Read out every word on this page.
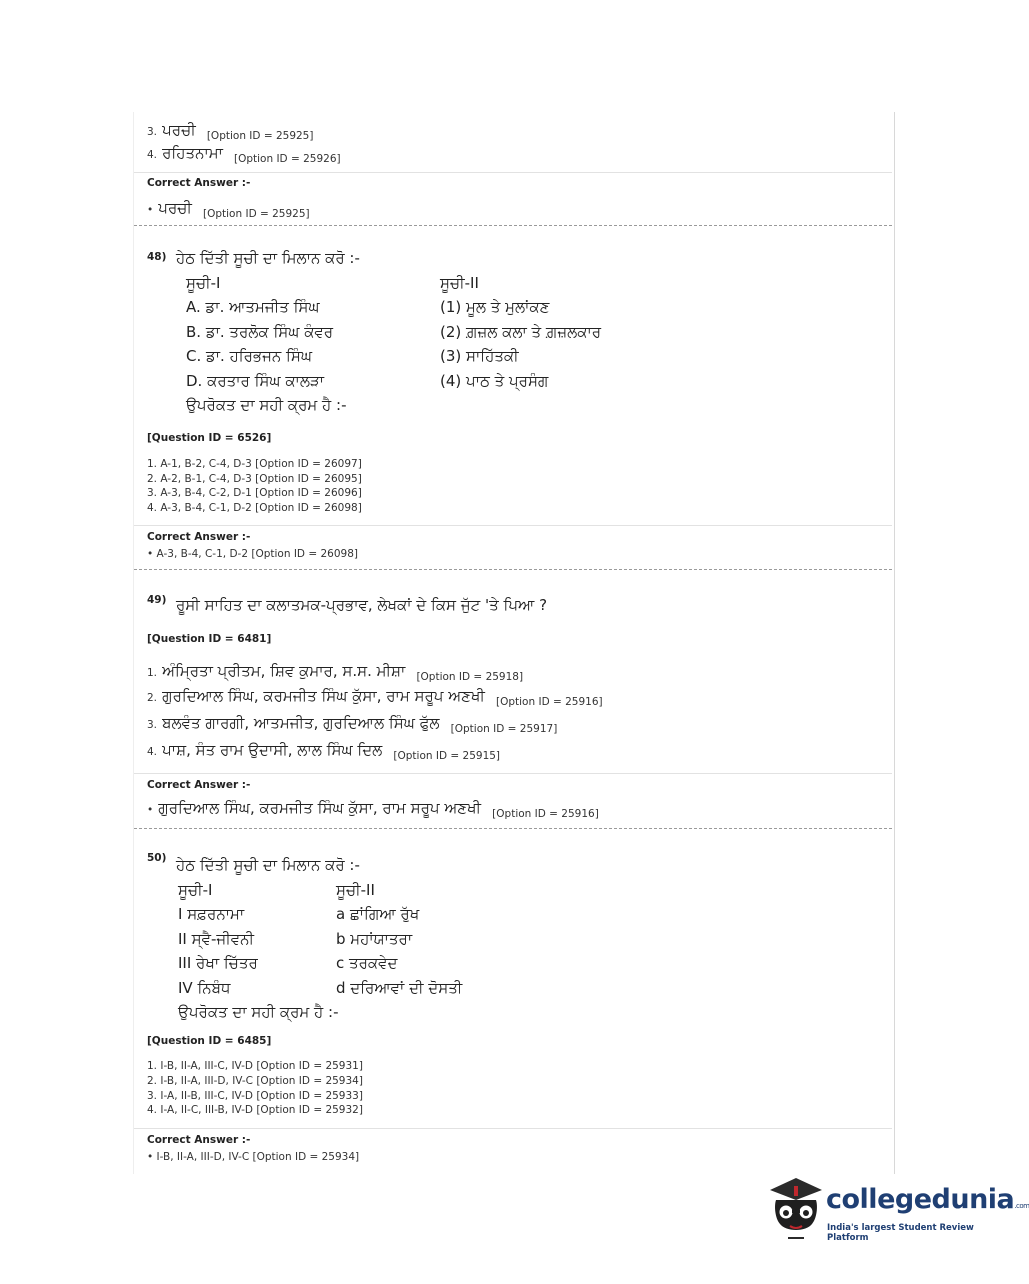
3. ਪਰਚੀ $_{[Option ID = 25925]}$
4. ਰਹਿਤਨਾਮਾ $_{[Option ID = 25926]}$
Correct Answer :-
• ਪਰਚੀ $_{[Option ID = 25925]}$
48) ਹੇਠ ਦਿੱਤੀ ਸੂਚੀ ਦਾ ਮਿਲਾਨ ਕਰੋ :-
ਸੂਚੀ-I	ਸੂਚੀ-II
A. ਡਾ. ਆਤਮਜੀਤ ਸਿੰਘ
B. ਡਾ. ਤਰਲੋਕ ਸਿੰਘ ਕੰਵਰ
C. ਡਾ. ਹਰਿਭਜਨ ਸਿੰਘ
D. ਕਰਤਾਰ ਸਿੰਘ ਕਾਲੜਾ
(1) ਮੂਲ ਤੇ ਮੁਲਾਂਕਣ
(2) ਗ਼ਜ਼ਲ ਕਲਾ ਤੇ ਗ਼ਜ਼ਲਕਾਰ
(3) ਸਾਹਿੱਤਕੀ
(4) ਪਾਠ ਤੇ ਪ੍ਰਸੰਗ
ਉਪਰੋਕਤ ਦਾ ਸਹੀ ਕ੍ਰਮ ਹੈ :-
[Question ID = 6526]
1. A-1, B-2, C-4, D-3 [Option ID = 26097]
2. A-2, B-1, C-4, D-3 [Option ID = 26095]
3. A-3, B-4, C-2, D-1 [Option ID = 26096]
4. A-3, B-4, C-1, D-2 [Option ID = 26098]
Correct Answer :-
• A-3, B-4, C-1, D-2 [Option ID = 26098]
49) ਰੂਸੀ ਸਾਹਿਤ ਦਾ ਕਲਾਤਮਕ-ਪ੍ਰਭਾਵ, ਲੇਖਕਾਂ ਦੇ ਕਿਸ ਜੁੱਟ 'ਤੇ ਪਿਆ ?
[Question ID = 6481]
1. ਅੰਮ੍ਰਿਤਾ ਪ੍ਰੀਤਮ, ਸ਼ਿਵ ਕੁਮਾਰ, ਸ.ਸ. ਮੀਸ਼ਾ $_{[Option ID = 25918]}$
2. ਗੁਰਦਿਆਲ ਸਿੰਘ, ਕਰਮਜੀਤ ਸਿੰਘ ਕੁੱਸਾ, ਰਾਮ ਸਰੂਪ ਅਣਖੀ $_{[Option ID = 25916]}$
3. ਬਲਵੰਤ ਗਾਰਗੀ, ਆਤਮਜੀਤ, ਗੁਰਦਿਆਲ ਸਿੰਘ ਫੁੱਲ $_{[Option ID = 25917]}$
4. ਪਾਸ਼, ਸੰਤ ਰਾਮ ਉਦਾਸੀ, ਲਾਲ ਸਿੰਘ ਦਿਲ $_{[Option ID = 25915]}$
Correct Answer :-
• ਗੁਰਦਿਆਲ ਸਿੰਘ, ਕਰਮਜੀਤ ਸਿੰਘ ਕੁੱਸਾ, ਰਾਮ ਸਰੂਪ ਅਣਖੀ $_{[Option ID = 25916]}$
50) ਹੇਠ ਦਿੱਤੀ ਸੂਚੀ ਦਾ ਮਿਲਾਨ ਕਰੋ :-
ਸੂਚੀ-I	ਸੂਚੀ-II
I ਸਫ਼ਰਨਾਮਾ
II ਸ੍ਵੈ-ਜੀਵਨੀ
III ਰੇਖਾ ਚਿੱਤਰ
IV ਨਿਬੰਧ
a ਛਾਂਗਿਆ ਰੁੱਖ
b ਮਹਾਂਯਾਤਰਾ
c ਤਰਕਵੇਦ
d ਦਰਿਆਵਾਂ ਦੀ ਦੋਸਤੀ
ਉਪਰੋਕਤ ਦਾ ਸਹੀ ਕ੍ਰਮ ਹੈ :-
[Question ID = 6485]
1. I-B, II-A, III-C, IV-D [Option ID = 25931]
2. I-B, II-A, III-D, IV-C [Option ID = 25934]
3. I-A, II-B, III-C, IV-D [Option ID = 25933]
4. I-A, II-C, III-B, IV-D [Option ID = 25932]
Correct Answer :-
• I-B, II-A, III-D, IV-C [Option ID = 25934]
collegedunia.com
India's largest Student Review Platform
